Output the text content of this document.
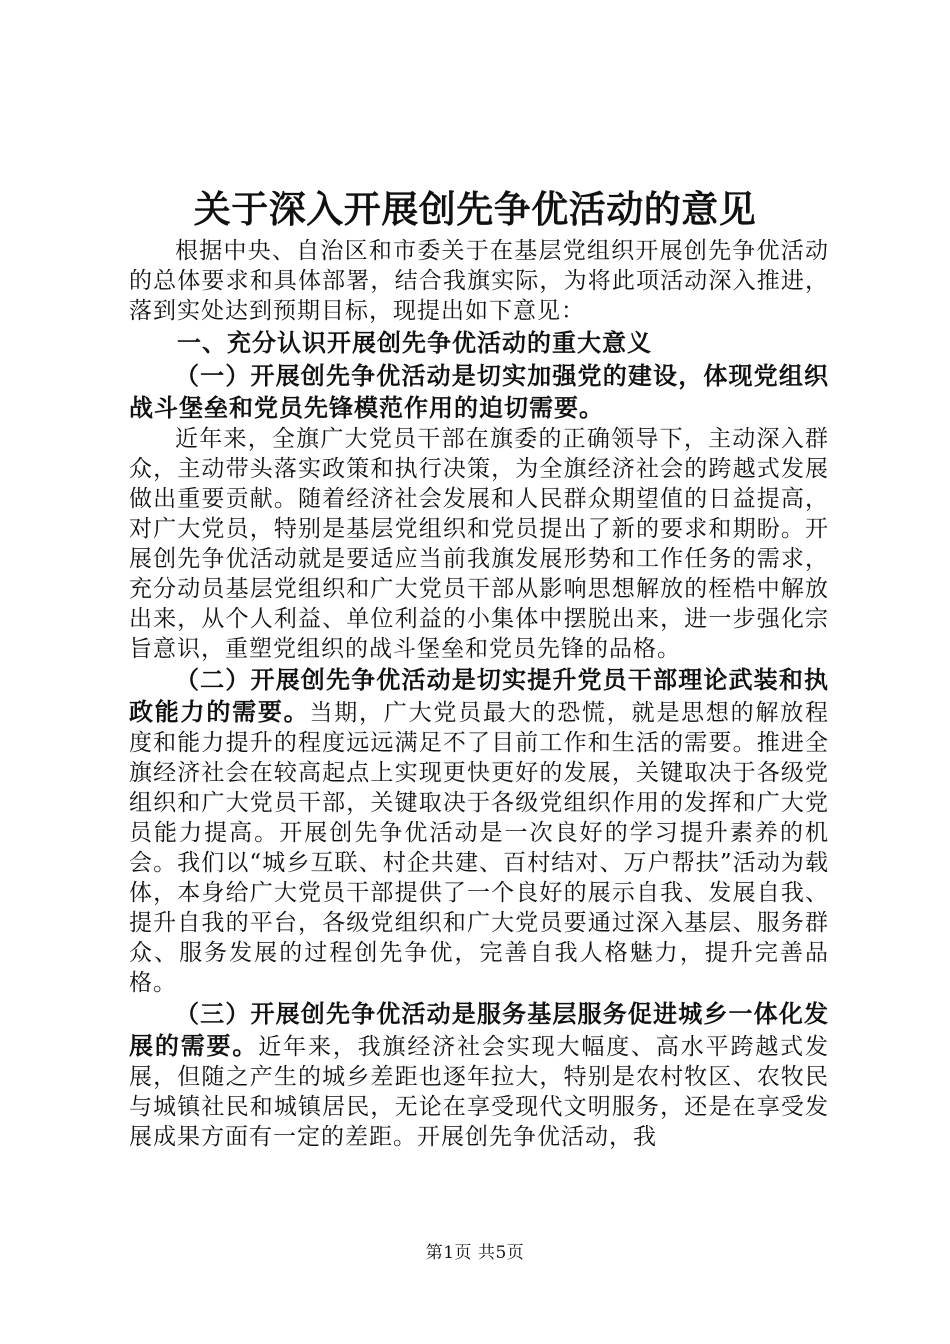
关于深入开展创先争优活动的意见

根据中央、自治区和市委关于在基层党组织开展创先争优活动的总体要求和具体部署，结合我旗实际，为将此项活动深入推进，落到实处达到预期目标，现提出如下意见：

一、充分认识开展创先争优活动的重大意义

（一）开展创先争优活动是切实加强党的建设，体现党组织战斗堡垒和党员先锋模范作用的迫切需要。

近年来，全旗广大党员干部在旗委的正确领导下，主动深入群众，主动带头落实政策和执行决策，为全旗经济社会的跨越式发展做出重要贡献。随着经济社会发展和人民群众期望值的日益提高，对广大党员，特别是基层党组织和党员提出了新的要求和期盼。开展创先争优活动就是要适应当前我旗发展形势和工作任务的需求，充分动员基层党组织和广大党员干部从影响思想解放的桎梏中解放出来，从个人利益、单位利益的小集体中摆脱出来，进一步强化宗旨意识，重塑党组织的战斗堡垒和党员先锋的品格。

（二）开展创先争优活动是切实提升党员干部理论武装和执政能力的需要。当期，广大党员最大的恐慌，就是思想的解放程度和能力提升的程度远远满足不了目前工作和生活的需要。推进全旗经济社会在较高起点上实现更快更好的发展，关键取决于各级党组织和广大党员干部，关键取决于各级党组织作用的发挥和广大党员能力提高。开展创先争优活动是一次良好的学习提升素养的机会。我们以“城乡互联、村企共建、百村结对、万户帮扶”活动为载体，本身给广大党员干部提供了一个良好的展示自我、发展自我、提升自我的平台，各级党组织和广大党员要通过深入基层、服务群众、服务发展的过程创先争优，完善自我人格魅力，提升完善品格。

（三）开展创先争优活动是服务基层服务促进城乡一体化发展的需要。近年来，我旗经济社会实现大幅度、高水平跨越式发展，但随之产生的城乡差距也逐年拉大，特别是农村牧区、农牧民与城镇社民和城镇居民，无论在享受现代文明服务，还是在享受发展成果方面有一定的差距。开展创先争优活动，我

第1页 共5页
